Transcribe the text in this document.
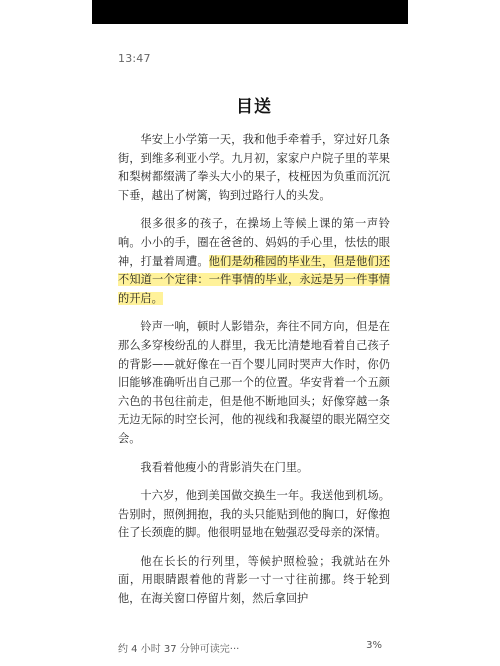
13:47
目送

华安上小学第一天，我和他手牵着手，穿过好几条街，到维多利亚小学。九月初，家家户户院子里的苹果和梨树都缀满了拳头大小的果子，枝桠因为负重而沉沉下垂，越出了树篱，钩到过路行人的头发。

很多很多的孩子，在操场上等候上课的第一声铃响。小小的手，圈在爸爸的、妈妈的手心里，怯怯的眼神，打量着周遭。他们是幼稚园的毕业生，但是他们还不知道一个定律：一件事情的毕业，永远是另一件事情的开启。

铃声一响，顿时人影错杂，奔往不同方向，但是在那么多穿梭纷乱的人群里，我无比清楚地看着自己孩子的背影——就好像在一百个婴儿同时哭声大作时，你仍旧能够准确听出自己那一个的位置。华安背着一个五颜六色的书包往前走，但是他不断地回头；好像穿越一条无边无际的时空长河，他的视线和我凝望的眼光隔空交会。

我看着他瘦小的背影消失在门里。

十六岁，他到美国做交换生一年。我送他到机场。告别时，照例拥抱，我的头只能贴到他的胸口，好像抱住了长颈鹿的脚。他很明显地在勉强忍受母亲的深情。

他在长长的行列里，等候护照检验；我就站在外面，用眼睛跟着他的背影一寸一寸往前挪。终于轮到他，在海关窗口停留片刻，然后拿回护

约 4 小时 37 分钟可读完···	3%
